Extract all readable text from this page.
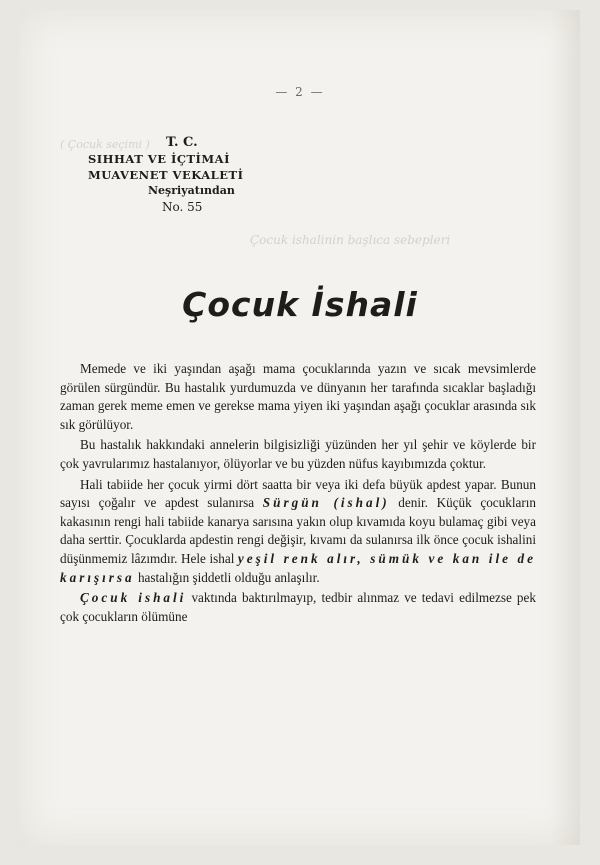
( Çocuk seçimi )
Çocuk ishalinin başlıca sebepleri
— 2 —
T. C.
SIHHAT VE İÇTİMAİ
MUAVENET VEKALETİ
Neşriyatından
No. 55
Çocuk İshali

Memede ve iki yaşından aşağı mama çocuklarında yazın ve sıcak mevsimlerde görülen sürgündür. Bu hastalık yurdumuzda ve dünyanın her tarafında sıcaklar başladığı zaman gerek meme emen ve gerekse mama yiyen iki yaşından aşağı çocuklar arasında sık sık görülüyor.

Bu hastalık hakkındaki annelerin bilgisizliği yüzünden her yıl şehir ve köylerde bir çok yavrularımız hastalanıyor, ölüyorlar ve bu yüzden nüfus kayıbımızda çoktur.

Hali tabiide her çocuk yirmi dört saatta bir veya iki defa büyük apdest yapar. Bunun sayısı çoğalır ve apdest sulanırsa Sürgün (ishal) denir. Küçük çocukların kakasının rengi hali tabiide kanarya sarısına yakın olup kıvamıda koyu bulamaç gibi veya daha serttir. Çocuklarda apdestin rengi değişir, kıvamı da sulanırsa ilk önce çocuk ishalini düşünmemiz lâzımdır. Hele ishal yeşil renk alır, sümük ve kan ile de karışırsa hastalığın şiddetli olduğu anlaşılır.

Çocuk ishali vaktında baktırılmayıp, tedbir alınmaz ve tedavi edilmezse pek çok çocukların ölümüne
